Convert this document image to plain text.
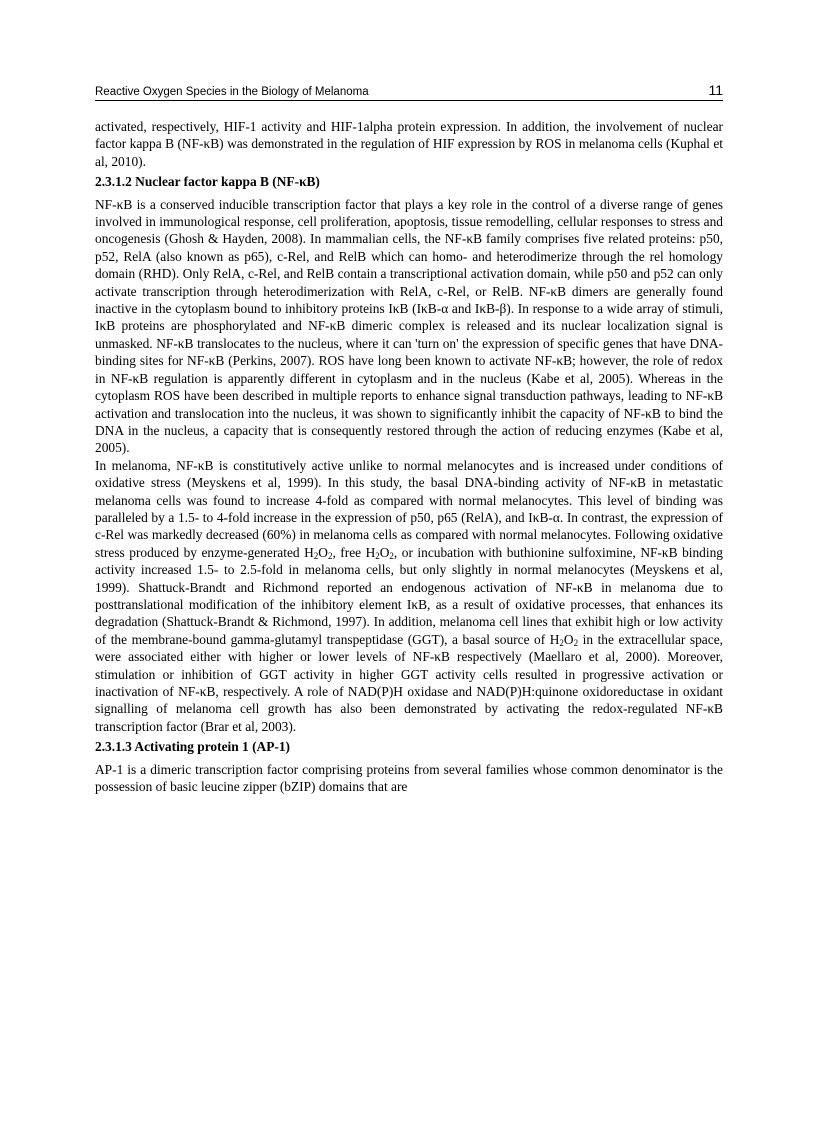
Reactive Oxygen Species in the Biology of Melanoma	11

activated, respectively, HIF-1 activity and HIF-1alpha protein expression. In addition, the involvement of nuclear factor kappa B (NF-κB) was demonstrated in the regulation of HIF expression by ROS in melanoma cells (Kuphal et al, 2010).

2.3.1.2 Nuclear factor kappa B (NF-κB)

NF-κB is a conserved inducible transcription factor that plays a key role in the control of a diverse range of genes involved in immunological response, cell proliferation, apoptosis, tissue remodelling, cellular responses to stress and oncogenesis (Ghosh & Hayden, 2008). In mammalian cells, the NF-κB family comprises five related proteins: p50, p52, RelA (also known as p65), c-Rel, and RelB which can homo- and heterodimerize through the rel homology domain (RHD). Only RelA, c-Rel, and RelB contain a transcriptional activation domain, while p50 and p52 can only activate transcription through heterodimerization with RelA, c-Rel, or RelB. NF-κB dimers are generally found inactive in the cytoplasm bound to inhibitory proteins IκB (IκB-α and IκB-β). In response to a wide array of stimuli, IκB proteins are phosphorylated and NF-κB dimeric complex is released and its nuclear localization signal is unmasked. NF-κB translocates to the nucleus, where it can 'turn on' the expression of specific genes that have DNA-binding sites for NF-κB (Perkins, 2007). ROS have long been known to activate NF-κB; however, the role of redox in NF-κB regulation is apparently different in cytoplasm and in the nucleus (Kabe et al, 2005). Whereas in the cytoplasm ROS have been described in multiple reports to enhance signal transduction pathways, leading to NF-κB activation and translocation into the nucleus, it was shown to significantly inhibit the capacity of NF-κB to bind the DNA in the nucleus, a capacity that is consequently restored through the action of reducing enzymes (Kabe et al, 2005).

In melanoma, NF-κB is constitutively active unlike to normal melanocytes and is increased under conditions of oxidative stress (Meyskens et al, 1999). In this study, the basal DNA-binding activity of NF-κB in metastatic melanoma cells was found to increase 4-fold as compared with normal melanocytes. This level of binding was paralleled by a 1.5- to 4-fold increase in the expression of p50, p65 (RelA), and IκB-α. In contrast, the expression of c-Rel was markedly decreased (60%) in melanoma cells as compared with normal melanocytes. Following oxidative stress produced by enzyme-generated $H_2O_2$, free $H_2O_2$, or incubation with buthionine sulfoximine, NF-κB binding activity increased 1.5- to 2.5-fold in melanoma cells, but only slightly in normal melanocytes (Meyskens et al, 1999). Shattuck-Brandt and Richmond reported an endogenous activation of NF-κB in melanoma due to posttranslational modification of the inhibitory element IκB, as a result of oxidative processes, that enhances its degradation (Shattuck-Brandt & Richmond, 1997). In addition, melanoma cell lines that exhibit high or low activity of the membrane-bound gamma-glutamyl transpeptidase (GGT), a basal source of $H_2O_2$ in the extracellular space, were associated either with higher or lower levels of NF-κB respectively (Maellaro et al, 2000). Moreover, stimulation or inhibition of GGT activity in higher GGT activity cells resulted in progressive activation or inactivation of NF-κB, respectively. A role of NAD(P)H oxidase and NAD(P)H:quinone oxidoreductase in oxidant signalling of melanoma cell growth has also been demonstrated by activating the redox-regulated NF-κB transcription factor (Brar et al, 2003).

2.3.1.3 Activating protein 1 (AP-1)

AP-1 is a dimeric transcription factor comprising proteins from several families whose common denominator is the possession of basic leucine zipper (bZIP) domains that are
